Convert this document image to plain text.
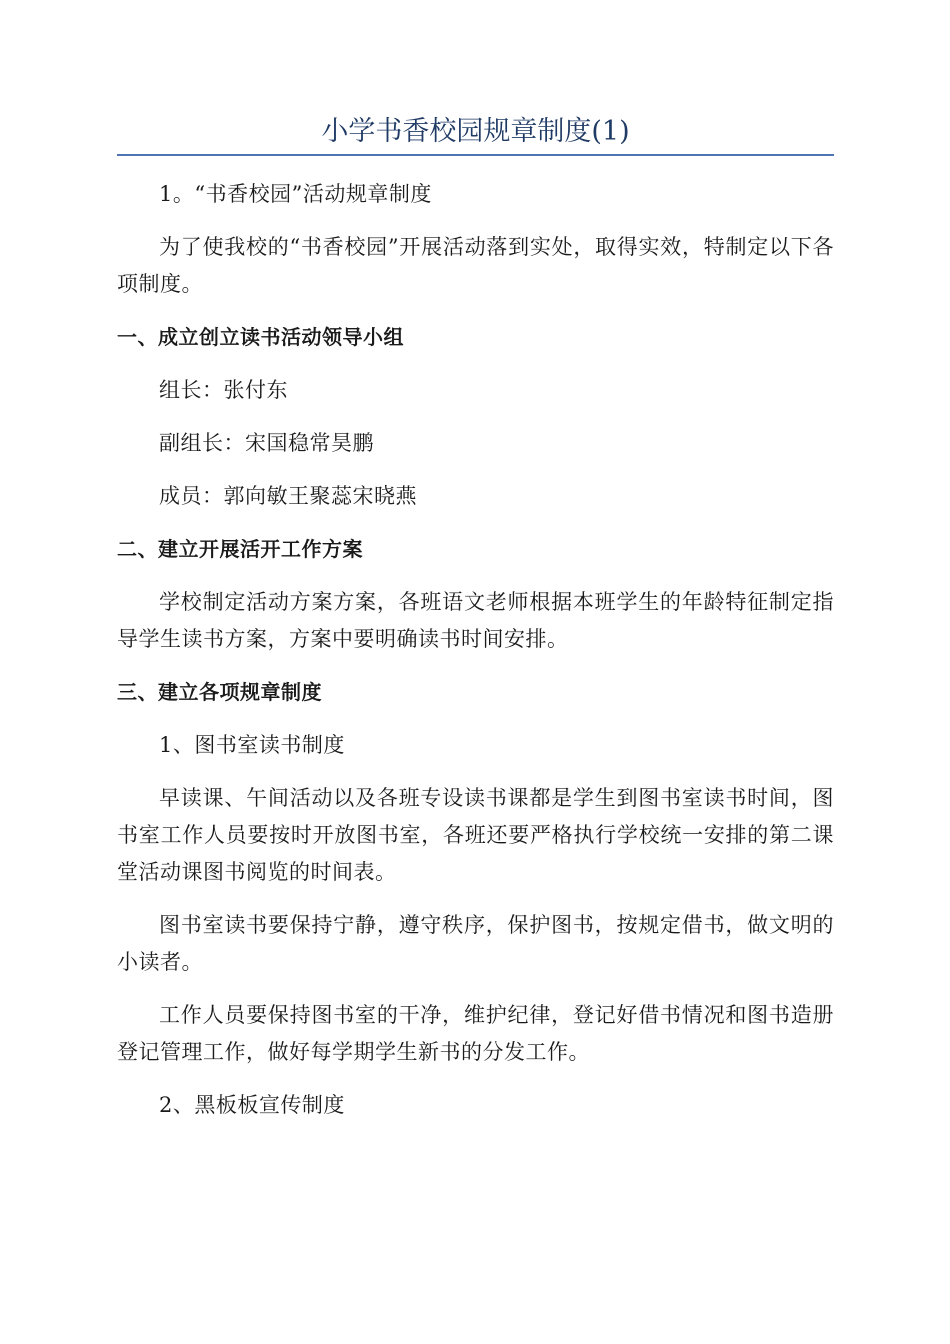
小学书香校园规章制度(1)

1。“书香校园”活动规章制度

为了使我校的“书香校园”开展活动落到实处，取得实效，特制定以下各项制度。

一、成立创立读书活动领导小组

组长：张付东

副组长：宋国稳常昊鹏

成员：郭向敏王聚蕊宋晓燕

二、建立开展活开工作方案

学校制定活动方案方案，各班语文老师根据本班学生的年龄特征制定指导学生读书方案，方案中要明确读书时间安排。

三、建立各项规章制度

1、图书室读书制度

早读课、午间活动以及各班专设读书课都是学生到图书室读书时间，图书室工作人员要按时开放图书室，各班还要严格执行学校统一安排的第二课堂活动课图书阅览的时间表。

图书室读书要保持宁静，遵守秩序，保护图书，按规定借书，做文明的小读者。

工作人员要保持图书室的干净，维护纪律，登记好借书情况和图书造册登记管理工作，做好每学期学生新书的分发工作。

2、黑板板宣传制度
